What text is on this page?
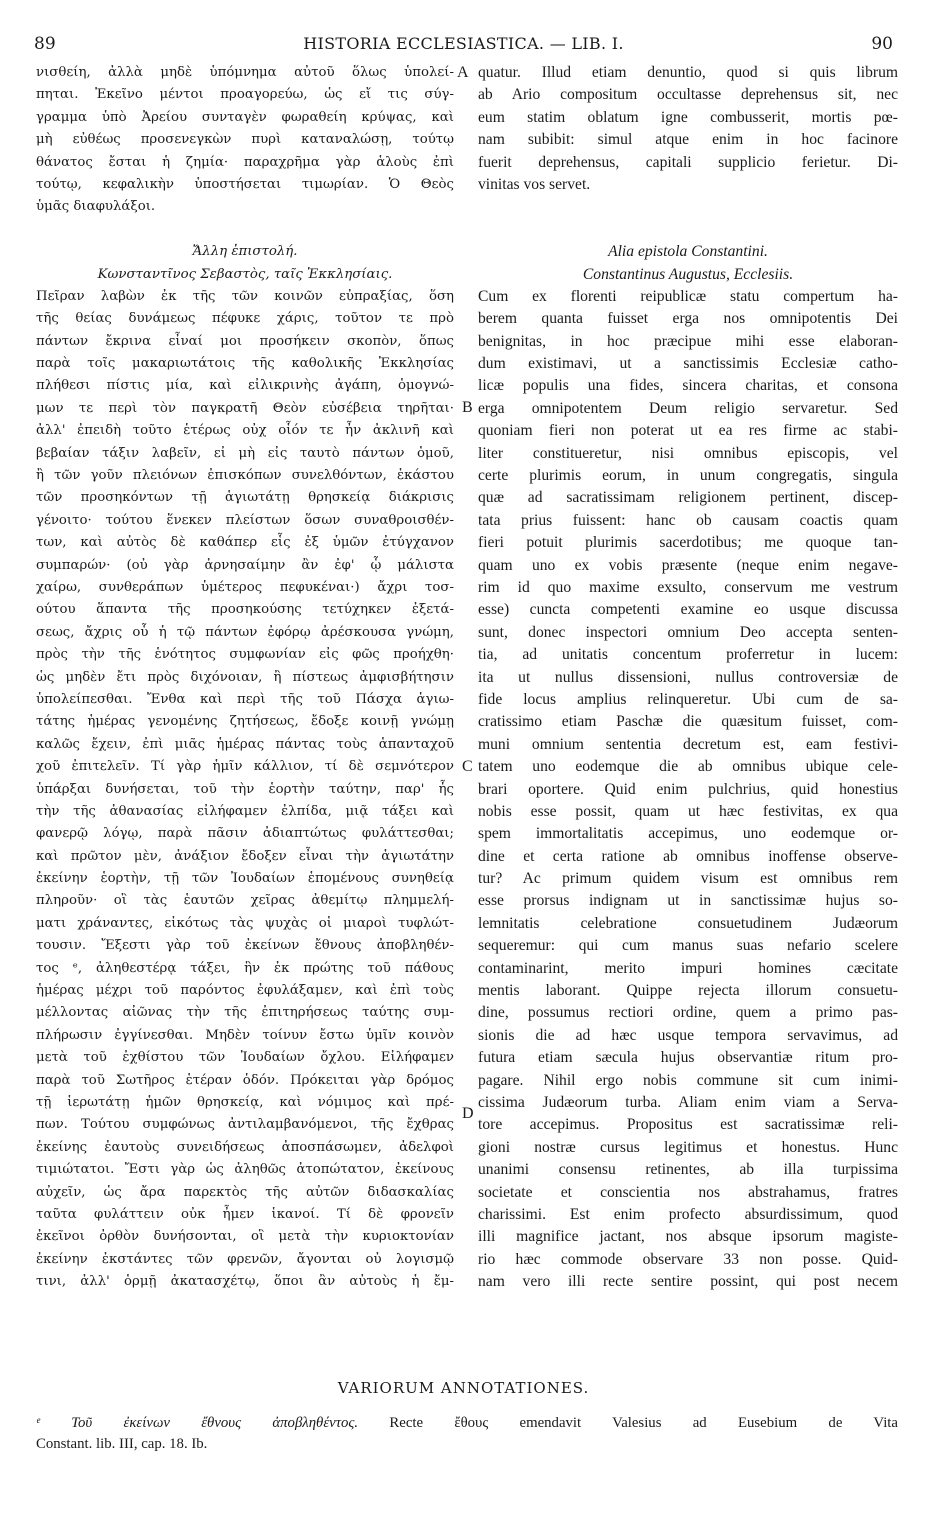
89	HISTORIA ECCLESIASTICA. — LIB. I.	90
νισθείη, ἀλλὰ μηδὲ ὑπόμνημα αὐτοῦ ὅλως ὑπολεί-
πηται. Ἐκεῖνο μέντοι προαγορεύω, ὡς εἴ τις σύγ-
γραμμα ὑπὸ Ἀρείου συνταγὲν φωραθείη κρύψας, καὶ
μὴ εὐθέως προσενεγκὼν πυρὶ καταναλώσῃ, τούτῳ
θάνατος ἔσται ἡ ζημία· παραχρῆμα γὰρ ἁλοὺς ἐπὶ
τούτῳ, κεφαλικὴν ὑποστήσεται τιμωρίαν. Ὁ Θεὸς
ὑμᾶς διαφυλάξοι.
Ἄλλη ἐπιστολή.
Κωνσταντῖνος Σεβαστὸς, ταῖς Ἐκκλησίαις.
Πεῖραν λαβὼν ἐκ τῆς τῶν κοινῶν εὐπραξίας, ὅση
τῆς θείας δυνάμεως πέφυκε χάρις, τοῦτον τε πρὸ
πάντων ἔκρινα εἶναί μοι προσήκειν σκοπὸν, ὅπως
παρὰ τοῖς μακαριωτάτοις τῆς καθολικῆς Ἐκκλησίας
πλήθεσι πίστις μία, καὶ εἰλικρινὴς ἀγάπη, ὁμογνώ-
μων τε περὶ τὸν παγκρατῆ Θεὸν εὐσέβεια τηρῆται·
ἀλλ' ἐπειδὴ τοῦτο ἑτέρως οὐχ οἷόν τε ἦν ἀκλινῆ καὶ
βεβαίαν τάξιν λαβεῖν, εἰ μὴ εἰς ταυτὸ πάντων ὁμοῦ,
ἢ τῶν γοῦν πλειόνων ἐπισκόπων συνελθόντων, ἑκάστου
τῶν προσηκόντων τῇ ἁγιωτάτῃ θρησκείᾳ διάκρισις
γένοιτο· τούτου ἕνεκεν πλείστων ὅσων συναθροισθέν-
των, καὶ αὐτὸς δὲ καθάπερ εἷς ἐξ ὑμῶν ἐτύγχανον
συμπαρών· (οὐ γὰρ ἀρνησαίμην ἂν ἐφ' ᾧ μάλιστα
χαίρω, συνθεράπων ὑμέτερος πεφυκέναι·) ἄχρι τοσ-
ούτου ἅπαντα τῆς προσηκούσης τετύχηκεν ἐξετά-
σεως, ἄχρις οὗ ἡ τῷ πάντων ἐφόρῳ ἀρέσκουσα γνώμη,
πρὸς τὴν τῆς ἑνότητος συμφωνίαν εἰς φῶς προήχθη·
ὡς μηδὲν ἔτι πρὸς διχόνοιαν, ἢ πίστεως ἀμφισβήτησιν
ὑπολείπεσθαι. Ἔνθα καὶ περὶ τῆς τοῦ Πάσχα ἁγιω-
τάτης ἡμέρας γενομένης ζητήσεως, ἔδοξε κοινῇ γνώμῃ
καλῶς ἔχειν, ἐπὶ μιᾶς ἡμέρας πάντας τοὺς ἁπανταχοῦ
χοῦ ἐπιτελεῖν. Τί γὰρ ἡμῖν κάλλιον, τί δὲ σεμνότερον
ὑπάρξαι δυνήσεται, τοῦ τὴν ἑορτὴν ταύτην, παρ' ἧς
τὴν τῆς ἀθανασίας εἰλήφαμεν ἐλπίδα, μιᾷ τάξει καὶ
φανερῷ λόγῳ, παρὰ πᾶσιν ἀδιαπτώτως φυλάττεσθαι;
καὶ πρῶτον μὲν, ἀνάξιον ἔδοξεν εἶναι τὴν ἁγιωτάτην
ἐκείνην ἑορτὴν, τῇ τῶν Ἰουδαίων ἑπομένους συνηθείᾳ
πληροῦν· οἳ τὰς ἑαυτῶν χεῖρας ἀθεμίτῳ πλημμελή-
ματι χράναντες, εἰκότως τὰς ψυχὰς οἱ μιαροὶ τυφλώτ-
τουσιν. Ἔξεστι γὰρ τοῦ ἐκείνων ἔθνους ἀποβληθέν-
τος ᵉ, ἀληθεστέρᾳ τάξει, ἣν ἐκ πρώτης τοῦ πάθους
ἡμέρας μέχρι τοῦ παρόντος ἐφυλάξαμεν, καὶ ἐπὶ τοὺς
μέλλοντας αἰῶνας τὴν τῆς ἐπιτηρήσεως ταύτης συμ-
πλήρωσιν ἐγγίνεσθαι. Μηδὲν τοίνυν ἔστω ὑμῖν κοινὸν
μετὰ τοῦ ἐχθίστου τῶν Ἰουδαίων ὄχλου. Εἰλήφαμεν
παρὰ τοῦ Σωτῆρος ἑτέραν ὁδόν. Πρόκειται γὰρ δρόμος
τῇ ἱερωτάτῃ ἡμῶν θρησκείᾳ, καὶ νόμιμος καὶ πρέ-
πων. Τούτου συμφώνως ἀντιλαμβανόμενοι, τῆς ἔχθρας
ἐκείνης ἑαυτοὺς συνειδήσεως ἀποσπάσωμεν, ἀδελφοὶ
τιμιώτατοι. Ἔστι γὰρ ὡς ἀληθῶς ἀτοπώτατον, ἐκείνους
αὐχεῖν, ὡς ἄρα παρεκτὸς τῆς αὐτῶν διδασκαλίας
ταῦτα φυλάττειν οὐκ ἦμεν ἱκανοί. Τί δὲ φρονεῖν
ἐκεῖνοι ὀρθὸν δυνήσονται, οἳ μετὰ τὴν κυριοκτονίαν
ἐκείνην ἐκστάντες τῶν φρενῶν, ἄγονται οὐ λογισμῷ
τινι, ἀλλ' ὁρμῇ ἀκατασχέτῳ, ὅποι ἂν αὐτοὺς ἡ ἔμ-
quatur. Illud etiam denuntio, quod si quis librum
ab Ario compositum occultasse deprehensus sit, nec
eum statim oblatum igne combusserit, mortis pœ-
nam subibit: simul atque enim in hoc facinore
fuerit deprehensus, capitali supplicio ferietur. Di-
vinitas vos servet.
Alia epistola Constantini.
Constantinus Augustus, Ecclesiis.
Cum ex florenti reipublicæ statu compertum ha-
berem quanta fuisset erga nos omnipotentis Dei
benignitas, in hoc præcipue mihi esse elaboran-
dum existimavi, ut a sanctissimis Ecclesiæ catho-
licæ populis una fides, sincera charitas, et consona
erga omnipotentem Deum religio servaretur. Sed
quoniam fieri non poterat ut ea res firme ac stabi-
liter constitueretur, nisi omnibus episcopis, vel
certe plurimis eorum, in unum congregatis, singula
quæ ad sacratissimam religionem pertinent, discep-
tata prius fuissent: hanc ob causam coactis quam
fieri potuit plurimis sacerdotibus; me quoque tan-
quam uno ex vobis præsente (neque enim negave-
rim id quo maxime exsulto, conservum me vestrum
esse) cuncta competenti examine eo usque discussa
sunt, donec inspectori omnium Deo accepta senten-
tia, ad unitatis concentum proferretur in lucem:
ita ut nullus dissensioni, nullus controversiæ de
fide locus amplius relinqueretur. Ubi cum de sa-
cratissimo etiam Paschæ die quæsitum fuisset, com-
muni omnium sententia decretum est, eam festivi-
tatem uno eodemque die ab omnibus ubique cele-
brari oportere. Quid enim pulchrius, quid honestius
nobis esse possit, quam ut hæc festivitas, ex qua
spem immortalitatis accepimus, uno eodemque or-
dine et certa ratione ab omnibus inoffense observe-
tur? Ac primum quidem visum est omnibus rem
esse prorsus indignam ut in sanctissimæ hujus so-
lemnitatis celebratione consuetudinem Judæorum
sequeremur: qui cum manus suas nefario scelere
contaminarint, merito impuri homines cæcitate
mentis laborant. Quippe rejecta illorum consuetu-
dine, possumus rectiori ordine, quem a primo pas-
sionis die ad hæc usque tempora servavimus, ad
futura etiam sæcula hujus observantiæ ritum pro-
pagare. Nihil ergo nobis commune sit cum inimi-
cissima Judæorum turba. Aliam enim viam a Serva-
tore accepimus. Propositus est sacratissimæ reli-
gioni nostræ cursus legitimus et honestus. Hunc
unanimi consensu retinentes, ab illa turpissima
societate et conscientia nos abstrahamus, fratres
charissimi. Est enim profecto absurdissimum, quod
illi magnifice jactant, nos absque ipsorum magiste-
rio hæc commode observare 33 non posse. Quid-
nam vero illi recte sentire possint, qui post necem
A
B
C
D
VARIORUM ANNOTATIONES.
ᵉ Τοῦ ἐκείνων ἔθνους ἀποβληθέντος. Recte ἔθους emendavit Valesius ad Eusebium de Vita
Constant. lib. III, cap. 18. Ib.
